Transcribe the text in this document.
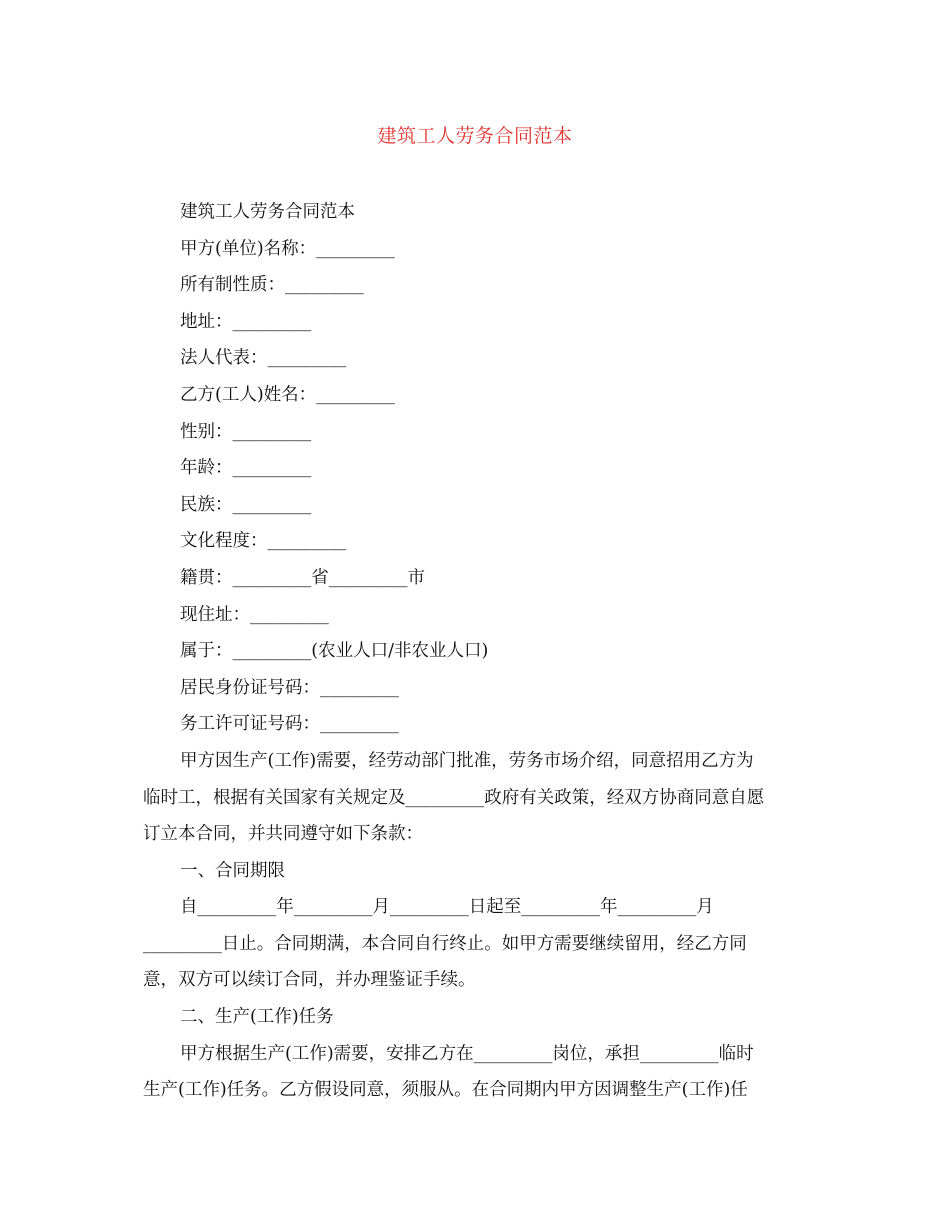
建筑工人劳务合同范本
建筑工人劳务合同范本
甲方(单位)名称：_________
所有制性质：_________
地址：_________
法人代表：_________
乙方(工人)姓名：_________
性别：_________
年龄：_________
民族：_________
文化程度：_________
籍贯：_________省_________市
现住址：_________
属于：_________(农业人口/非农业人口)
居民身份证号码：_________
务工许可证号码：_________
甲方因生产(工作)需要，经劳动部门批准，劳务市场介绍，同意招用乙方为
临时工，根据有关国家有关规定及_________政府有关政策，经双方协商同意自愿
订立本合同，并共同遵守如下条款：
一、合同期限
自_________年_________月_________日起至_________年_________月
_________日止。合同期满，本合同自行终止。如甲方需要继续留用，经乙方同
意，双方可以续订合同，并办理鉴证手续。
二、生产(工作)任务
甲方根据生产(工作)需要，安排乙方在_________岗位，承担_________临时
生产(工作)任务。乙方假设同意，须服从。在合同期内甲方因调整生产(工作)任
